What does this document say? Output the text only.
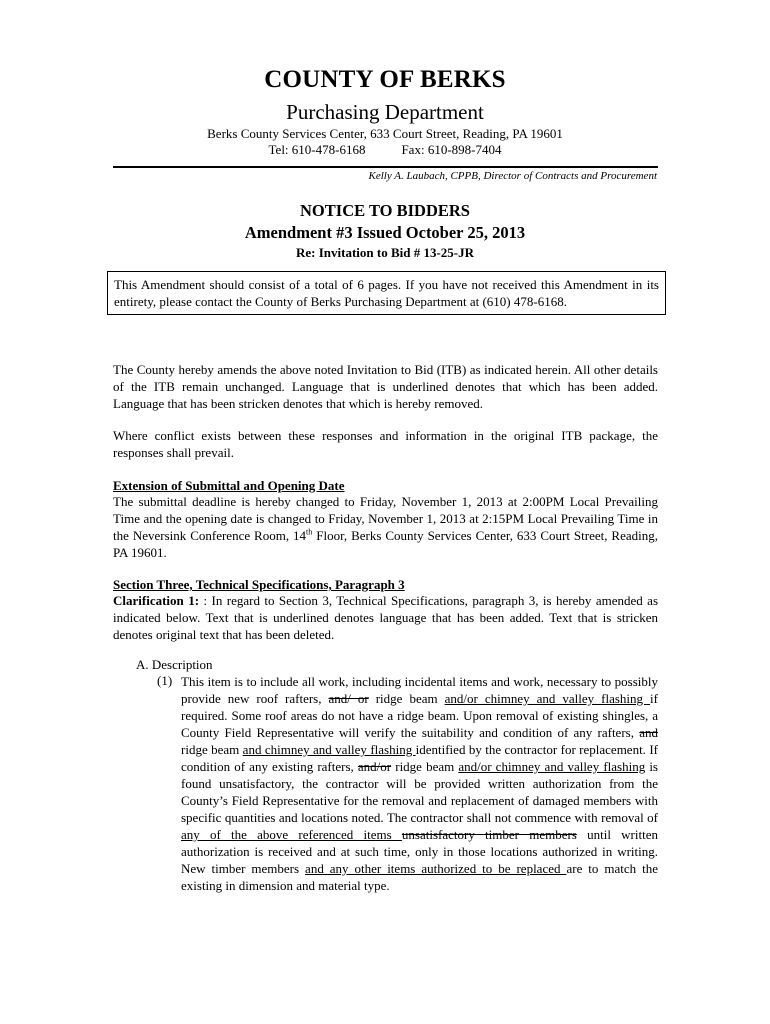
COUNTY OF BERKS
Purchasing Department
Berks County Services Center, 633 Court Street, Reading, PA 19601
Tel: 610-478-6168	Fax: 610-898-7404
Kelly A. Laubach, CPPB, Director of Contracts and Procurement
NOTICE TO BIDDERS
Amendment #3 Issued October 25, 2013
Re: Invitation to Bid # 13-25-JR
This Amendment should consist of a total of 6 pages. If you have not received this Amendment in its entirety, please contact the County of Berks Purchasing Department at (610) 478-6168.
The County hereby amends the above noted Invitation to Bid (ITB) as indicated herein. All other details of the ITB remain unchanged. Language that is underlined denotes that which has been added. Language that has been stricken denotes that which is hereby removed.
Where conflict exists between these responses and information in the original ITB package, the responses shall prevail.
Extension of Submittal and Opening Date
The submittal deadline is hereby changed to Friday, November 1, 2013 at 2:00PM Local Prevailing Time and the opening date is changed to Friday, November 1, 2013 at 2:15PM Local Prevailing Time in the Neversink Conference Room, 14th Floor, Berks County Services Center, 633 Court Street, Reading, PA 19601.
Section Three, Technical Specifications, Paragraph 3
Clarification 1: : In regard to Section 3, Technical Specifications, paragraph 3, is hereby amended as indicated below. Text that is underlined denotes language that has been added. Text that is stricken denotes original text that has been deleted.
A. Description
(1) This item is to include all work, including incidental items and work, necessary to possibly provide new roof rafters, and/ or ridge beam and/or chimney and valley flashing if required. Some roof areas do not have a ridge beam. Upon removal of existing shingles, a County Field Representative will verify the suitability and condition of any rafters, and ridge beam and chimney and valley flashing identified by the contractor for replacement. If condition of any existing rafters, and/or ridge beam and/or chimney and valley flashing is found unsatisfactory, the contractor will be provided written authorization from the County’s Field Representative for the removal and replacement of damaged members with specific quantities and locations noted. The contractor shall not commence with removal of any of the above referenced items unsatisfactory timber members until written authorization is received and at such time, only in those locations authorized in writing. New timber members and any other items authorized to be replaced are to match the existing in dimension and material type.
